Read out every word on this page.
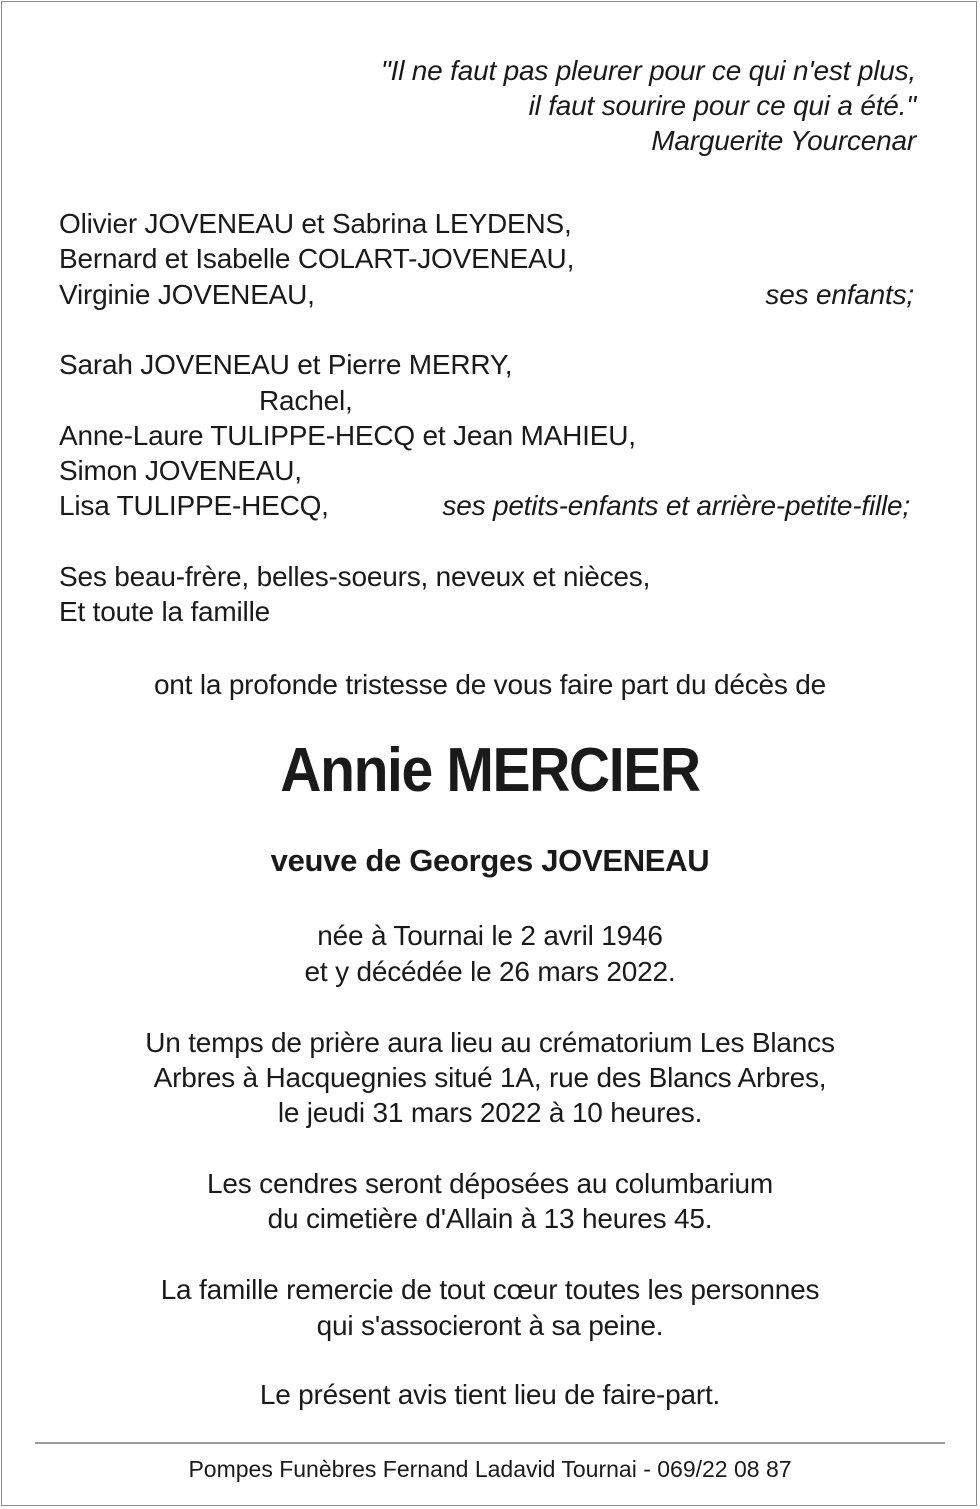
"Il ne faut pas pleurer pour ce qui n'est plus,
il faut sourire pour ce qui a été."
Marguerite Yourcenar
Olivier JOVENEAU et Sabrina LEYDENS,
Bernard et Isabelle COLART-JOVENEAU,
Virginie JOVENEAU,	ses enfants;
Sarah JOVENEAU et Pierre MERRY,
Rachel,
Anne-Laure TULIPPE-HECQ et Jean MAHIEU,
Simon JOVENEAU,
Lisa TULIPPE-HECQ,	ses petits-enfants et arrière-petite-fille;
Ses beau-frère, belles-soeurs, neveux et nièces,
Et toute la famille
ont la profonde tristesse de vous faire part du décès de
Annie MERCIER
veuve de Georges JOVENEAU
née à Tournai le 2 avril 1946
et y décédée le 26 mars 2022.
Un temps de prière aura lieu au crématorium Les Blancs
Arbres à Hacquegnies situé 1A, rue des Blancs Arbres,
le jeudi 31 mars 2022 à 10 heures.
Les cendres seront déposées au columbarium
du cimetière d'Allain à 13 heures 45.
La famille remercie de tout cœur toutes les personnes
qui s'associeront à sa peine.
Le présent avis tient lieu de faire-part.
Pompes Funèbres Fernand Ladavid Tournai - 069/22 08 87
